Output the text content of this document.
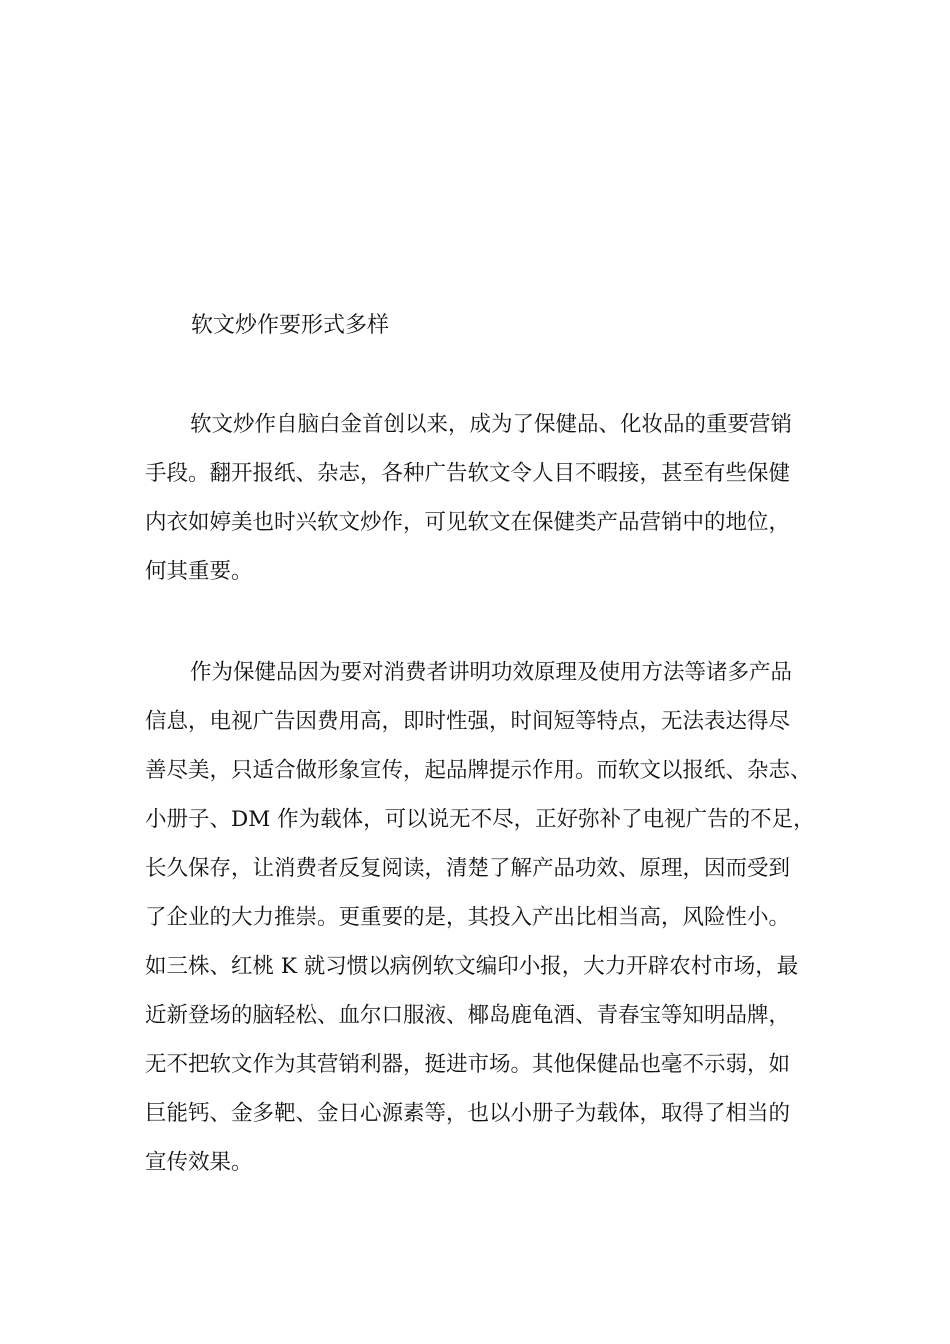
软文炒作要形式多样
软文炒作自脑白金首创以来，成为了保健品、化妆品的重要营销
手段。翻开报纸、杂志，各种广告软文令人目不暇接，甚至有些保健
内衣如婷美也时兴软文炒作，可见软文在保健类产品营销中的地位，
何其重要。
作为保健品因为要对消费者讲明功效原理及使用方法等诸多产品
信息，电视广告因费用高，即时性强，时间短等特点，无法表达得尽
善尽美，只适合做形象宣传，起品牌提示作用。而软文以报纸、杂志、
小册子、DM 作为载体，可以说无不尽，正好弥补了电视广告的不足，
长久保存，让消费者反复阅读，清楚了解产品功效、原理，因而受到
了企业的大力推崇。更重要的是，其投入产出比相当高，风险性小。
如三株、红桃 K 就习惯以病例软文编印小报，大力开辟农村市场，最
近新登场的脑轻松、血尔口服液、椰岛鹿龟酒、青春宝等知明品牌，
无不把软文作为其营销利器，挺进市场。其他保健品也毫不示弱，如
巨能钙、金多靶、金日心源素等，也以小册子为载体，取得了相当的
宣传效果。
